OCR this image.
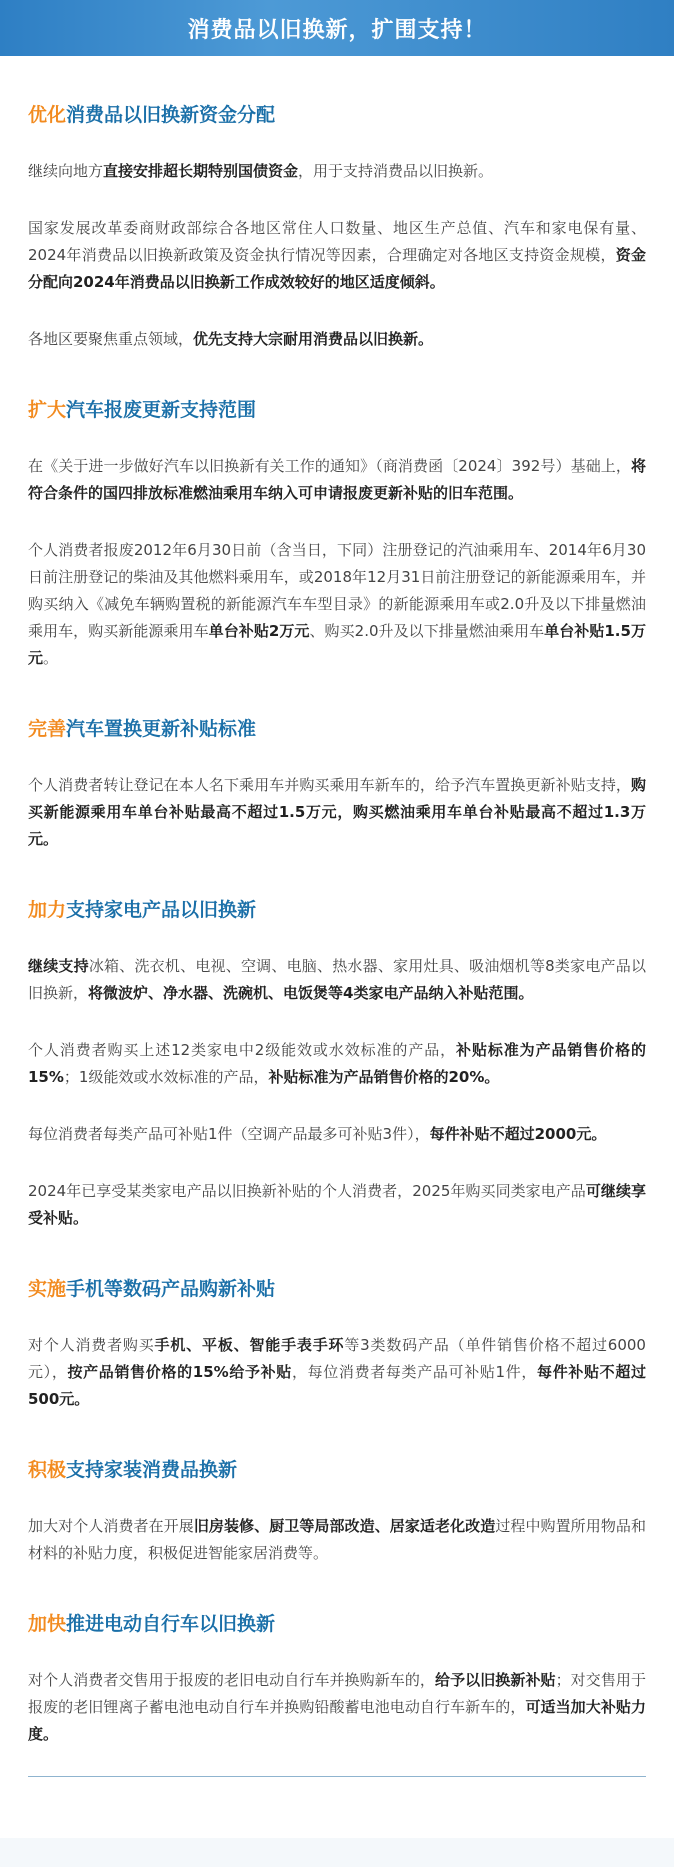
消费品以旧换新，扩围支持！
优化消费品以旧换新资金分配

继续向地方直接安排超长期特别国债资金，用于支持消费品以旧换新。

国家发展改革委商财政部综合各地区常住人口数量、地区生产总值、汽车和家电保有量、2024年消费品以旧换新政策及资金执行情况等因素，合理确定对各地区支持资金规模，资金分配向2024年消费品以旧换新工作成效较好的地区适度倾斜。

各地区要聚焦重点领域，优先支持大宗耐用消费品以旧换新。

扩大汽车报废更新支持范围

在《关于进一步做好汽车以旧换新有关工作的通知》（商消费函〔2024〕392号）基础上，将符合条件的国四排放标准燃油乘用车纳入可申请报废更新补贴的旧车范围。

个人消费者报废2012年6月30日前（含当日，下同）注册登记的汽油乘用车、2014年6月30日前注册登记的柴油及其他燃料乘用车，或2018年12月31日前注册登记的新能源乘用车，并购买纳入《减免车辆购置税的新能源汽车车型目录》的新能源乘用车或2.0升及以下排量燃油乘用车，购买新能源乘用车单台补贴2万元、购买2.0升及以下排量燃油乘用车单台补贴1.5万元。

完善汽车置换更新补贴标准

个人消费者转让登记在本人名下乘用车并购买乘用车新车的，给予汽车置换更新补贴支持，购买新能源乘用车单台补贴最高不超过1.5万元，购买燃油乘用车单台补贴最高不超过1.3万元。

加力支持家电产品以旧换新

继续支持冰箱、洗衣机、电视、空调、电脑、热水器、家用灶具、吸油烟机等8类家电产品以旧换新，将微波炉、净水器、洗碗机、电饭煲等4类家电产品纳入补贴范围。

个人消费者购买上述12类家电中2级能效或水效标准的产品，补贴标准为产品销售价格的15%；1级能效或水效标准的产品，补贴标准为产品销售价格的20%。

每位消费者每类产品可补贴1件（空调产品最多可补贴3件），每件补贴不超过2000元。

2024年已享受某类家电产品以旧换新补贴的个人消费者，2025年购买同类家电产品可继续享受补贴。

实施手机等数码产品购新补贴

对个人消费者购买手机、平板、智能手表手环等3类数码产品（单件销售价格不超过6000元），按产品销售价格的15%给予补贴，每位消费者每类产品可补贴1件，每件补贴不超过500元。

积极支持家装消费品换新

加大对个人消费者在开展旧房装修、厨卫等局部改造、居家适老化改造过程中购置所用物品和材料的补贴力度，积极促进智能家居消费等。

加快推进电动自行车以旧换新

对个人消费者交售用于报废的老旧电动自行车并换购新车的，给予以旧换新补贴；对交售用于报废的老旧锂离子蓄电池电动自行车并换购铅酸蓄电池电动自行车新车的，可适当加大补贴力度。
